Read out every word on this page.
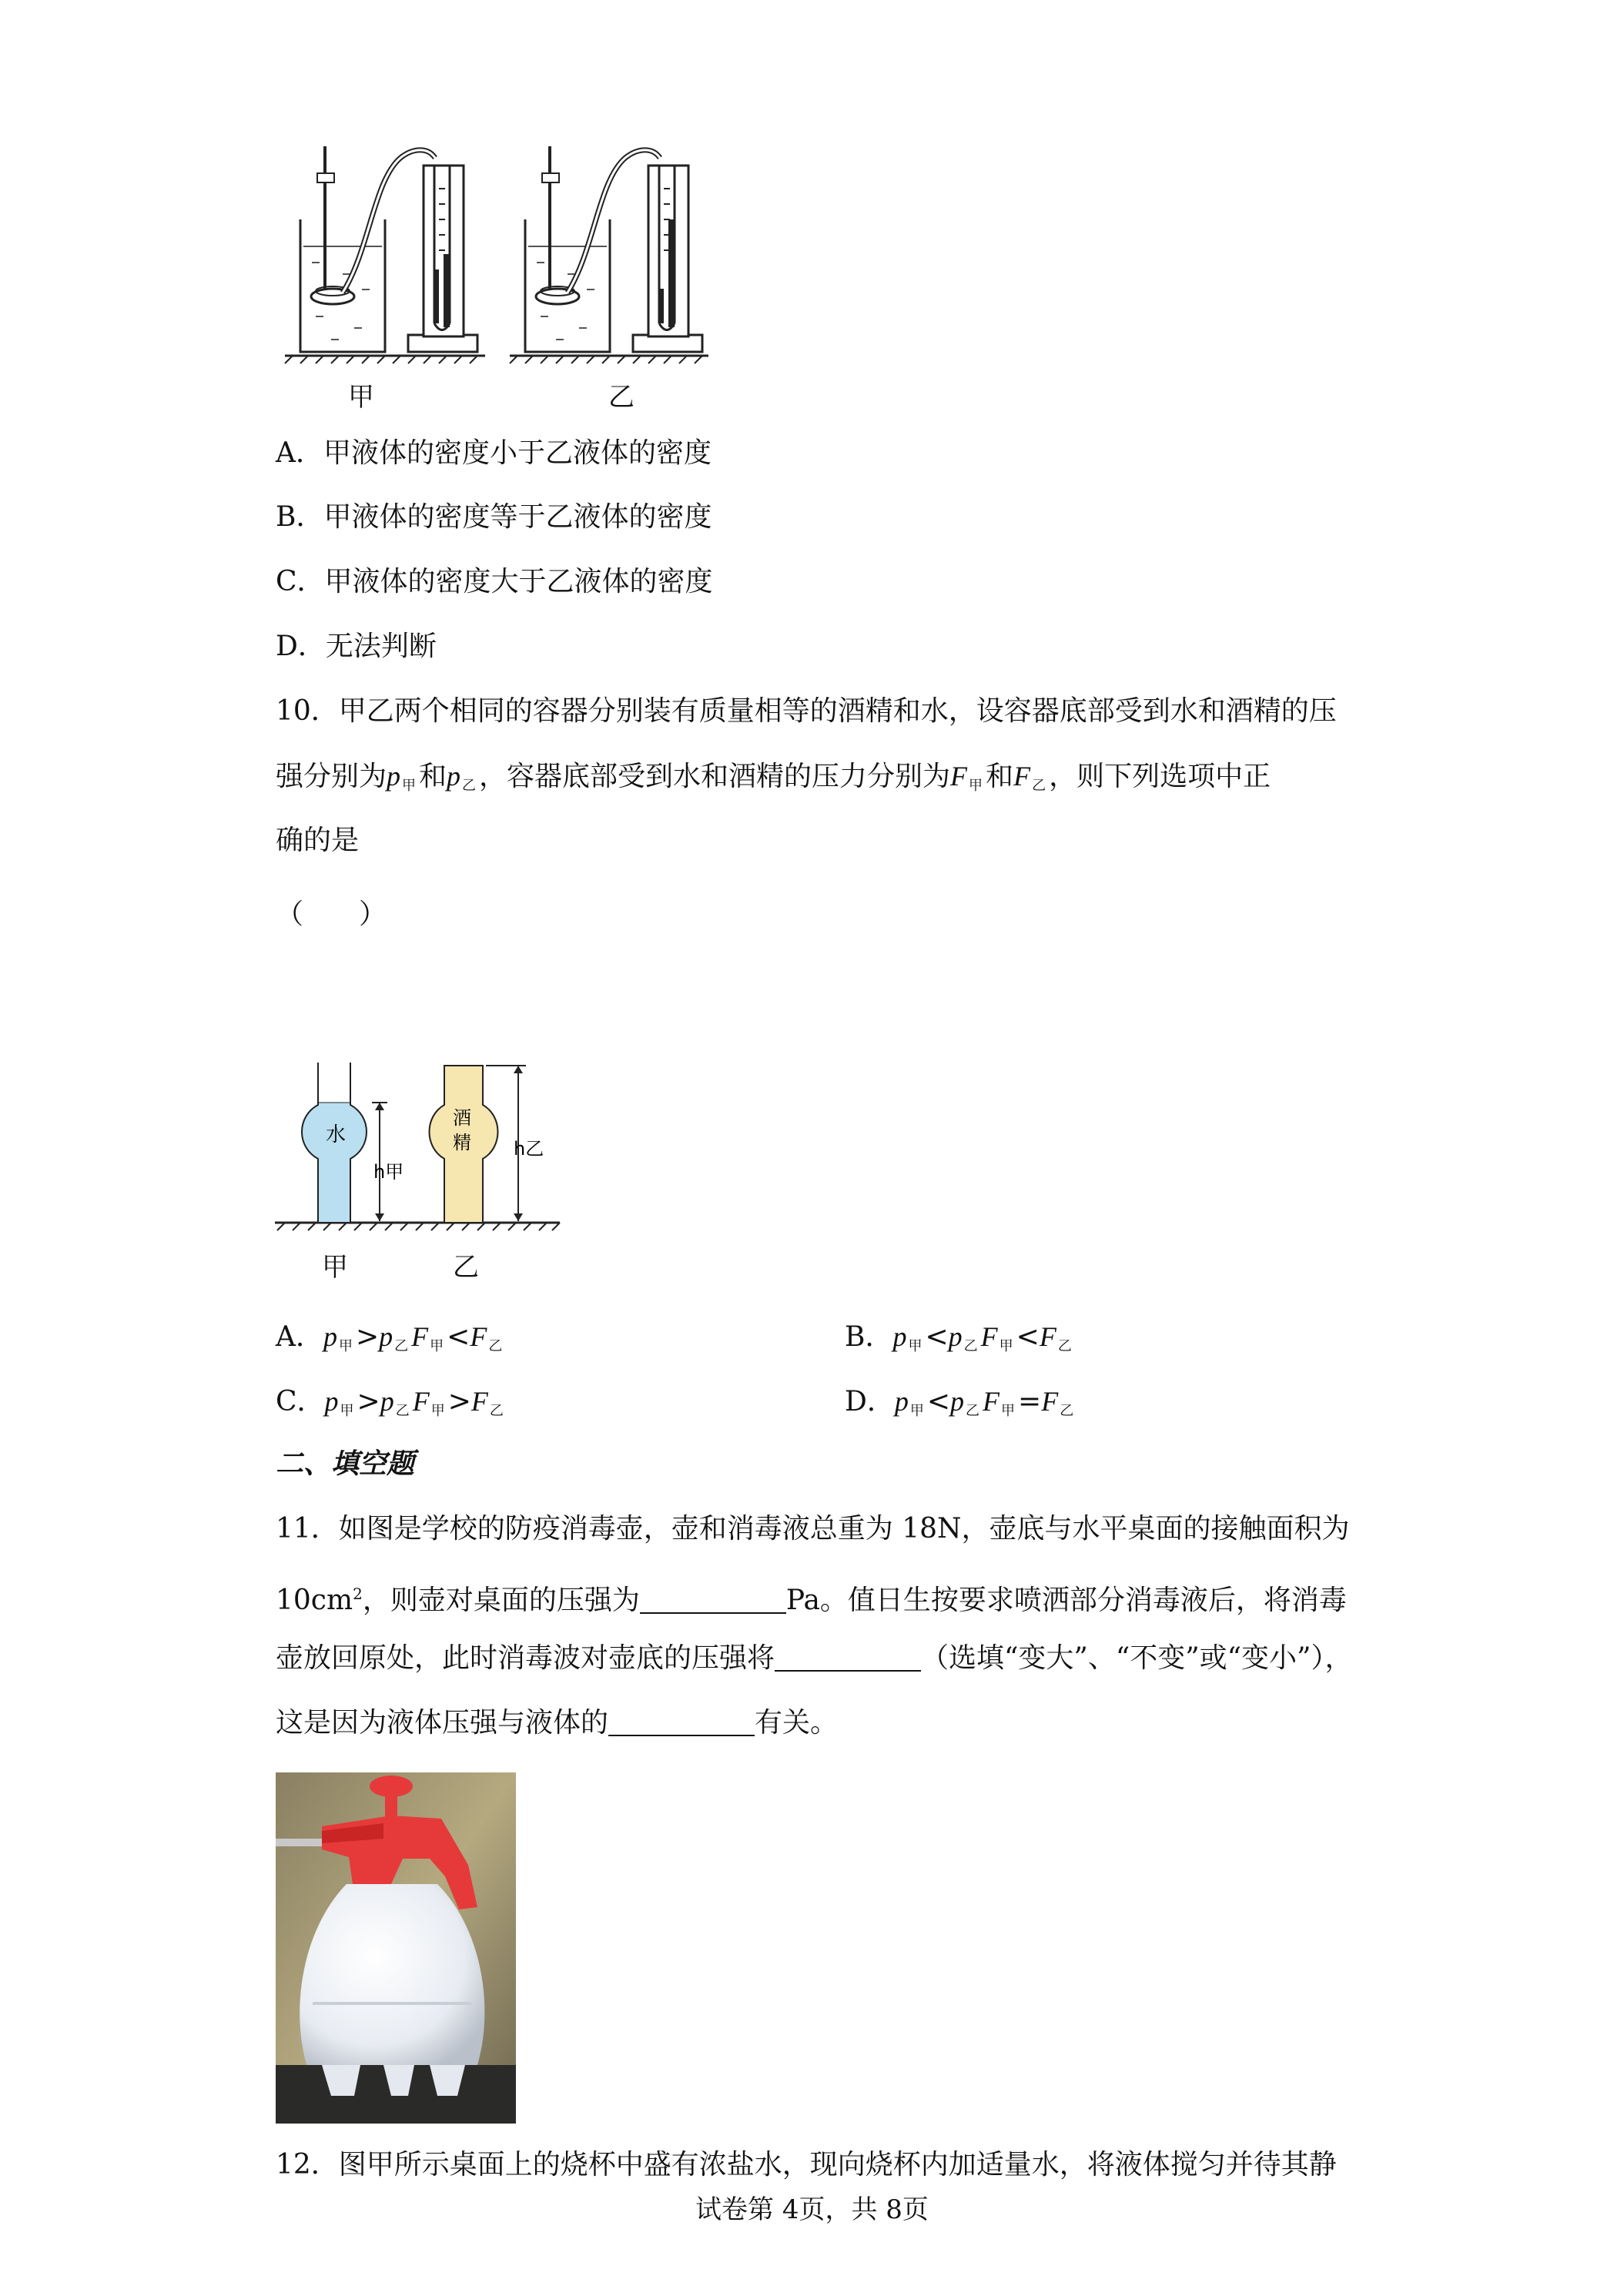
甲	乙
A．甲液体的密度小于乙液体的密度
B．甲液体的密度等于乙液体的密度
C．甲液体的密度大于乙液体的密度
D．无法判断
10．甲乙两个相同的容器分别装有质量相等的酒精和水，设容器底部受到水和酒精的压
强分别为p $_甲$ 和p $_乙$ ，容器底部受到水和酒精的压力分别为F $_甲$ 和F $_乙$ ，则下列选项中正
确的是
（　　）
水
h甲
酒
精 h乙
甲	乙
A．p $_甲$ >p $_乙$ F $_甲$ <F $_乙$	B．p $_甲$ <p $_乙$ F $_甲$ <F $_乙$
C．p $_甲$ >p $_乙$ F $_甲$ >F $_乙$	D．p $_甲$ <p $_乙$ F $_甲$ =F $_乙$
二、填空题
11．如图是学校的防疫消毒壶，壶和消毒液总重为 18N，壶底与水平桌面的接触面积为
$10cm^2$，则壶对桌面的压强为	Pa。值日生按要求喷洒部分消毒液后，将消毒
壶放回原处，此时消毒波对壶底的压强将	（选填“变大”、“不变”或“变小”），
这是因为液体压强与液体的	有关。
12．图甲所示桌面上的烧杯中盛有浓盐水，现向烧杯内加适量水，将液体搅匀并待其静
试卷第 4页，共 8页
